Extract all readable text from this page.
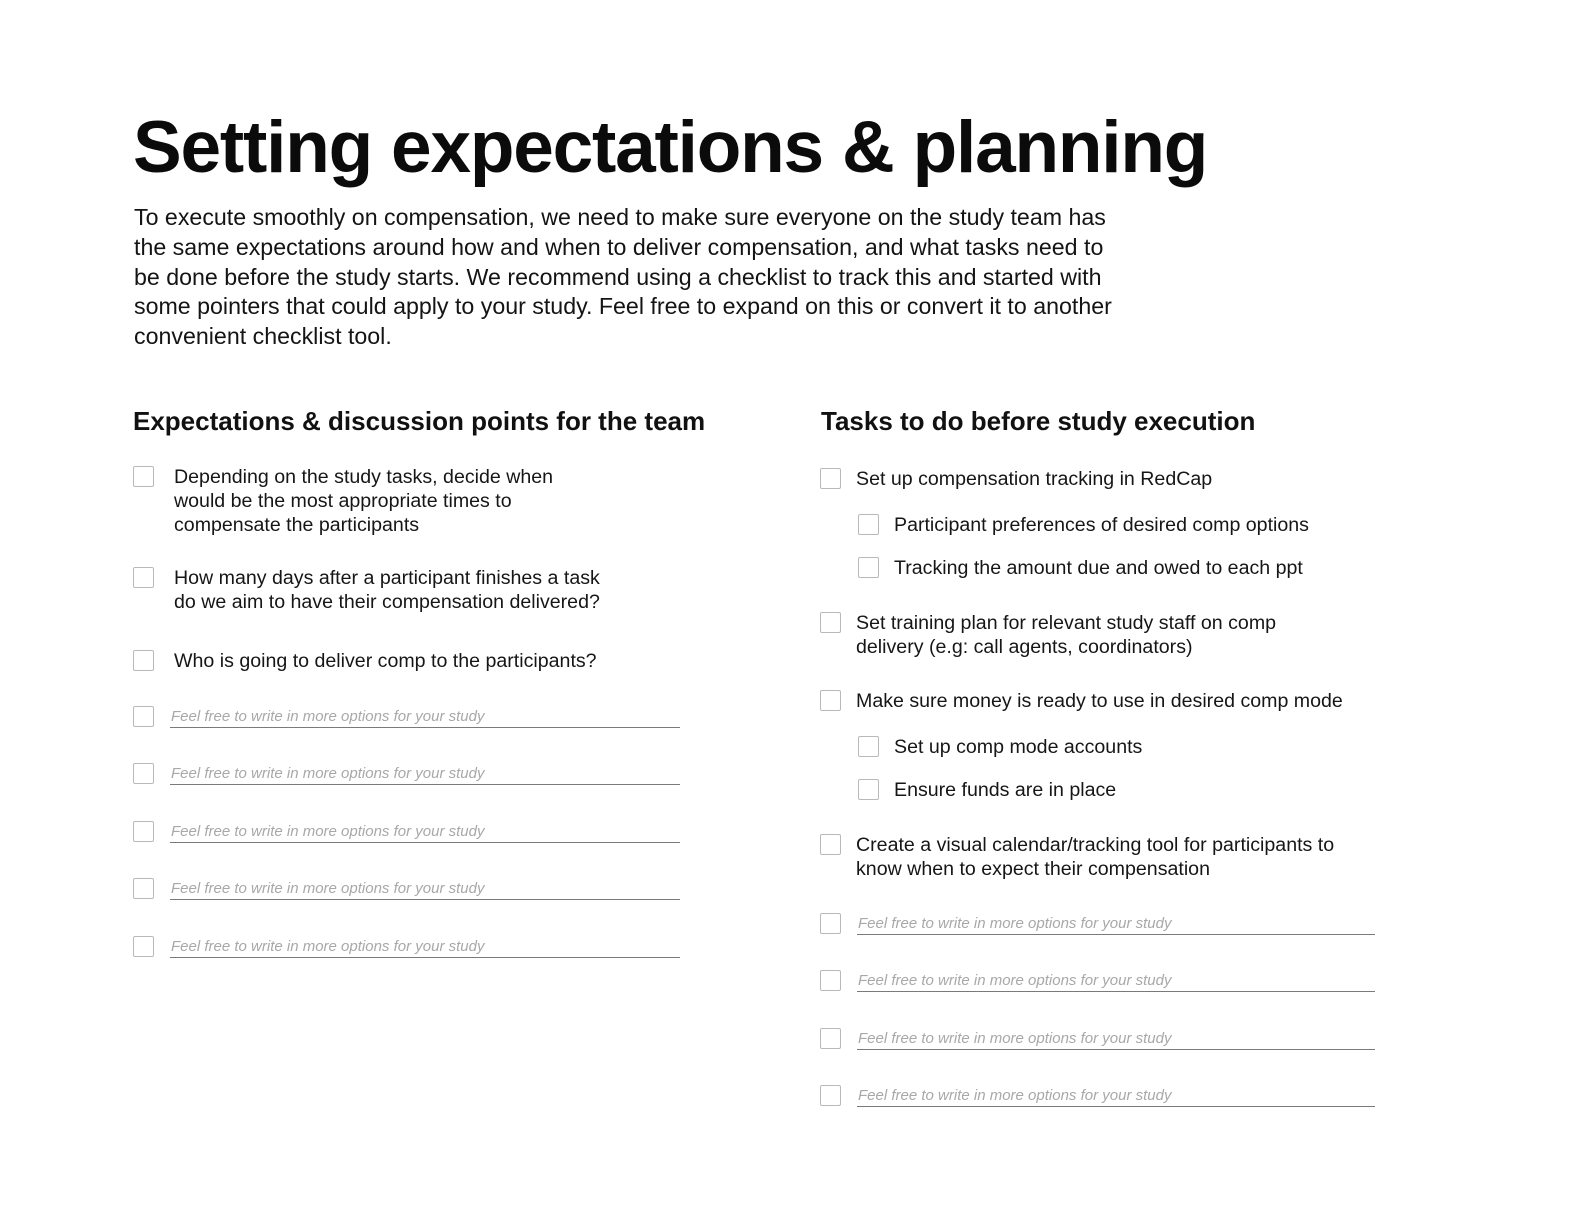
Setting expectations & planning

To execute smoothly on compensation, we need to make sure everyone on the study team has
the same expectations around how and when to deliver compensation, and what tasks need to
be done before the study starts. We recommend using a checklist to track this and started with
some pointers that could apply to your study. Feel free to expand on this or convert it to another
convenient checklist tool.

Expectations & discussion points for the team	Tasks to do before study execution
Depending on the study tasks, decide when
would be the most appropriate times to
compensate the participants
How many days after a participant finishes a task
do we aim to have their compensation delivered?
Who is going to deliver comp to the participants?
Feel free to write in more options for your study
Feel free to write in more options for your study
Feel free to write in more options for your study
Feel free to write in more options for your study
Feel free to write in more options for your study
Set up compensation tracking in RedCap
Participant preferences of desired comp options
Tracking the amount due and owed to each ppt
Set training plan for relevant study staff on comp
delivery (e.g: call agents, coordinators)
Make sure money is ready to use in desired comp mode
Set up comp mode accounts
Ensure funds are in place
Create a visual calendar/tracking tool for participants to
know when to expect their compensation
Feel free to write in more options for your study
Feel free to write in more options for your study
Feel free to write in more options for your study
Feel free to write in more options for your study
